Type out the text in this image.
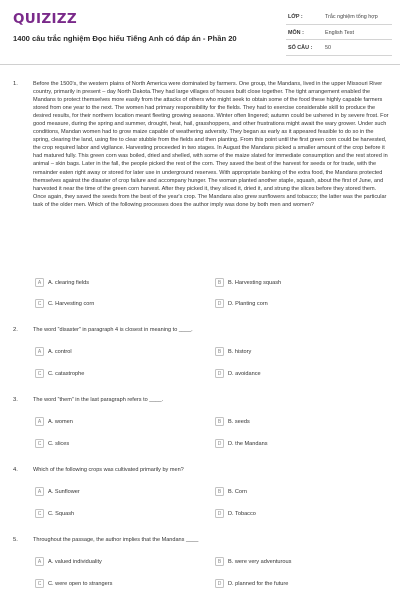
QUIZIZZ
1400 câu trắc nghiệm Đọc hiểu Tiếng Anh có đáp án - Phần 20
LỚP :	Trắc nghiệm tổng hợp
MÔN :	English Test
SỐ CÂU : 50
1.	Before the 1500's, the western plains of North America were dominated by farmers. One group, the Mandans, lived in the upper Missouri River country, primarily in present – day North Dakota.They had large villages of houses built close together. The tight arrangement enabled the Mandans to protect themselves more easily from the attacks of others who might seek to obtain some of the food these highly capable farmers stored from one year to the next. The women had primary responsibility for the fields. They had to exercise considerable skill to produce the desired results, for their northern location meant fleeting growing seasons. Winter often lingered; autumn could be ushered in by severe frost. For good measure, during the spring and summer, drought, heat, hail, grasshoppers, and other frustrations might await the wary grower. Under such conditions, Mandan women had to grow maize capable of weathering adversity. They began as early as it appeared feasible to do so in the spring, clearing the land, using fire to clear stubble from the fields and then planting. From this point until the first green corn could be harvested, the crop required labor and vigilance. Harvesting proceeded in two stages. In August the Mandans picked a smaller amount of the crop before it had matured fully. This green corn was boiled, dried and shelled, with some of the maize slated for immediate consumption and the rest stored in animal – skin bags. Later in the fall, the people picked the rest of the corn. They saved the best of the harvest for seeds or for trade, with the remainder eaten right away or stored for later use in underground reserves. With appropriate banking of the extra food, the Mandans protected themselves against the disaster of crop failure and accompany hunger. The woman planted another staple, squash, about the first of June, and harvested it near the time of the green corn harvest. After they picked it, they sliced it, dried it, and strung the slices before they stored them. Once again, they saved the seeds from the best of the year's crop. The Mandans also grew sunflowers and tobacco; the latter was the particular task of the older men. Which of the following processes does the author imply was done by both men and women?
A	A. clearing fields	B	B. Harvesting squash
C	C. Harvesting corn	D	D. Planting corn
2.	The word “disaster” in paragraph 4 is closest in meaning to ____.
A	A. control	B	B. history
C	C. catastrophe	D	D. avoidance
3.	The word “them” in the last paragraph refers to ____.
A	A. women	B	B. seeds
C	C. slices	D	D. the Mandans
4.	Which of the following crops was cultivated primarily by men?
A	A. Sunflower	B	B. Corn
C	C. Squash	D	D. Tobacco
5.	Throughout the passage, the author implies that the Mandans ____
A	A. valued individuality	B	B. were very adventurous
C	C. were open to strangers	D	D. planned for the future
